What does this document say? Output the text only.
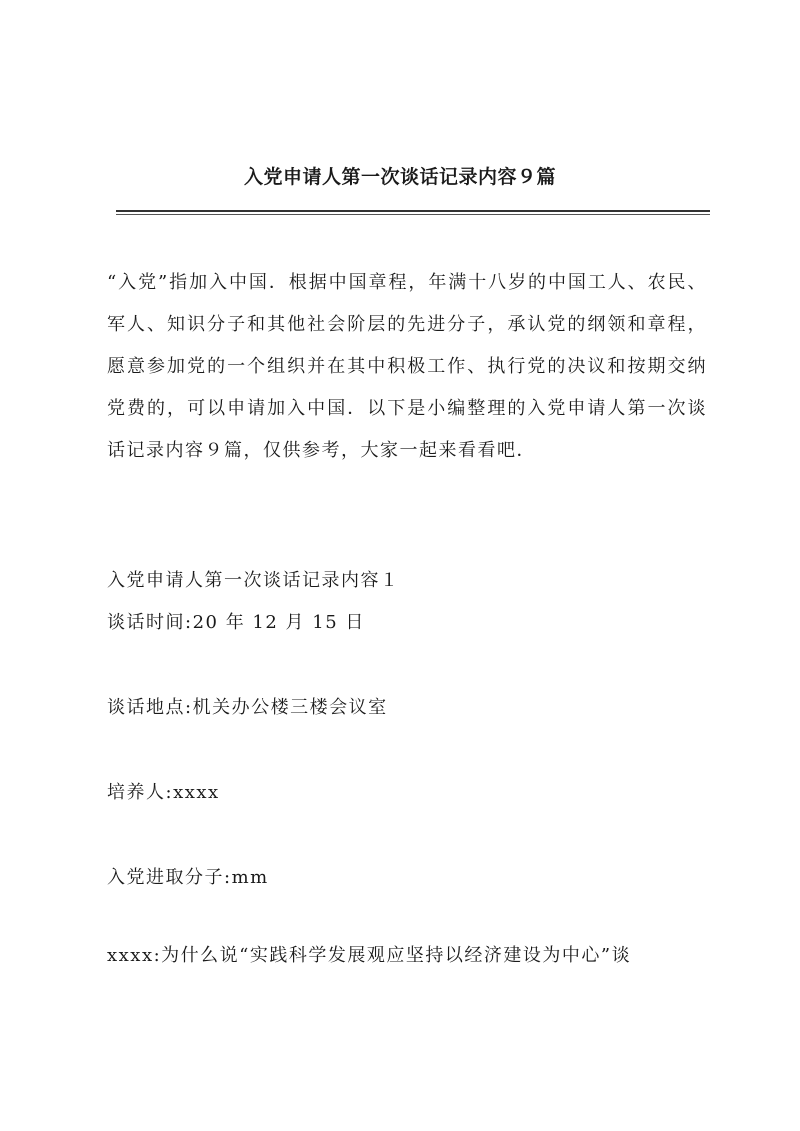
入党申请人第一次谈话记录内容９篇
“入党”指加入中国．根据中国章程，年满十八岁的中国工人、农民、军人、知识分子和其他社会阶层的先进分子，承认党的纲领和章程，愿意参加党的一个组织并在其中积极工作、执行党的决议和按期交纳党费的，可以申请加入中国．以下是小编整理的入党申请人第一次谈话记录内容９篇，仅供参考，大家一起来看看吧．
入党申请人第一次谈话记录内容１
谈话时间:20 年 12 月 15 日
谈话地点:机关办公楼三楼会议室
培养人:xxxx
入党进取分子:mm
xxxx:为什么说“实践科学发展观应坚持以经济建设为中心”谈
